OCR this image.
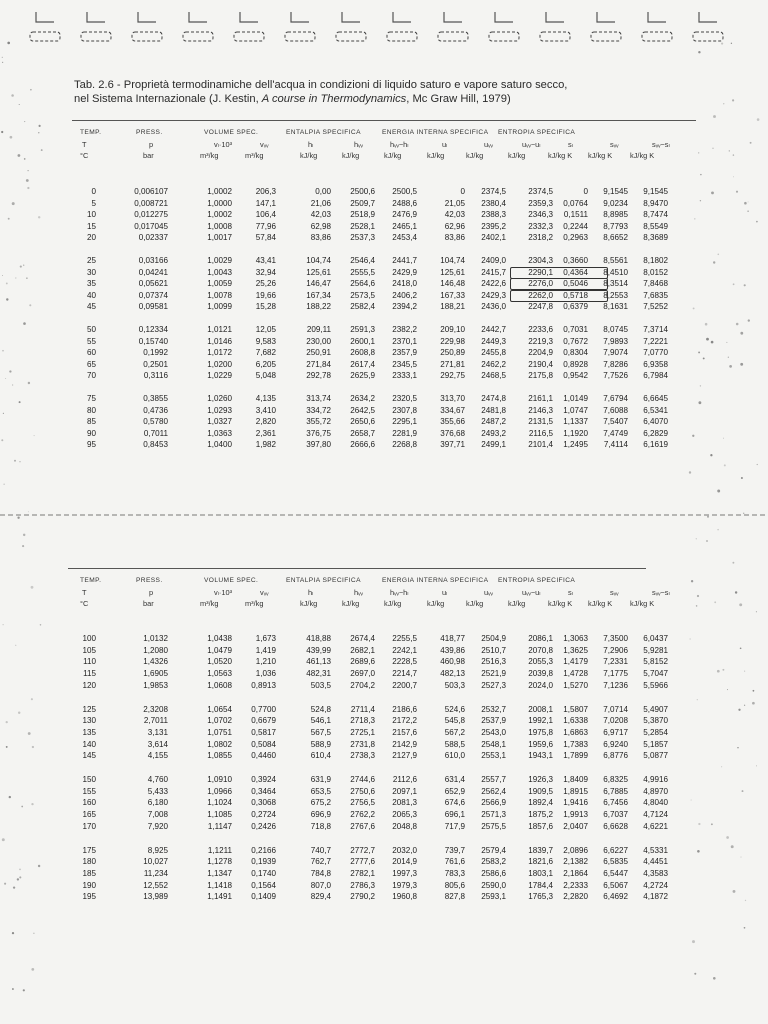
Tab. 2.6 - Proprietà termodinamiche dell'acqua in condizioni di liquido saturo e vapore saturo secco,
nel Sistema Internazionale (J. Kestin, A course in Thermodynamics, Mc Graw Hill, 1979)
TEMP.	PRESS.	VOLUME SPEC.	ENTALPIA SPECIFICA	ENERGIA INTERNA SPECIFICA ENTROPIA SPECIFICA
T	p	vₗ·10³	vᵥᵥ	hₗ	hᵥᵥ	hᵥᵥ−hₗ	uₗ	uᵥᵥ	uᵥᵥ−uₗ	sₗ	sᵥᵥ	sᵥᵥ−sₗ
°C	bar	m³/kg	m³/kg	kJ/kg	kJ/kg	kJ/kg	kJ/kg	kJ/kg	kJ/kg	kJ/kg K kJ/kg K kJ/kg K
0	0,006107	1,0002	206,3	0,00	2500,6	2500,5	0	2374,5	2374,5	0	9,1545	9,1545
5	0,008721	1,0000	147,1	21,06	2509,7	2488,6	21,05	2380,4	2359,3	0,0764	9,0234	8,9470
10	0,012275	1,0002	106,4	42,03	2518,9	2476,9	42,03	2388,3	2346,3	0,1511	8,8985	8,7474
15	0,017045	1,0008	77,96	62,98	2528,1	2465,1	62,96	2395,2	2332,3	0,2244	8,7793	8,5549
20	0,02337	1,0017	57,84	83,86	2537,3	2453,4	83,86	2402,1	2318,2	0,2963	8,6652	8,3689
25	0,03166	1,0029	43,41	104,74	2546,4	2441,7	104,74	2409,0	2304,3	0,3660	8,5561	8,1802
30	0,04241	1,0043	32,94	125,61	2555,5	2429,9	125,61	2415,7	2290,1	0,4364	8,4510	8,0152
35	0,05621	1,0059	25,26	146,47	2564,6	2418,0	146,48	2422,6	2276,0	0,5046	8,3514	7,8468
40	0,07374	1,0078	19,66	167,34	2573,5	2406,2	167,33	2429,3	2262,0	0,5718	8,2553	7,6835
45	0,09581	1,0099	15,28	188,22	2582,4	2394,2	188,21	2436,0	2247,8	0,6379	8,1631	7,5252
50	0,12334	1,0121	12,05	209,11	2591,3	2382,2	209,10	2442,7	2233,6	0,7031	8,0745	7,3714
55	0,15740	1,0146	9,583	230,00	2600,1	2370,1	229,98	2449,3	2219,3	0,7672	7,9893	7,2221
60	0,1992	1,0172	7,682	250,91	2608,8	2357,9	250,89	2455,8	2204,9	0,8304	7,9074	7,0770
65	0,2501	1,0200	6,205	271,84	2617,4	2345,5	271,81	2462,2	2190,4	0,8928	7,8286	6,9358
70	0,3116	1,0229	5,048	292,78	2625,9	2333,1	292,75	2468,5	2175,8	0,9542	7,7526	6,7984
75	0,3855	1,0260	4,135	313,74	2634,2	2320,5	313,70	2474,8	2161,1	1,0149	7,6794	6,6645
80	0,4736	1,0293	3,410	334,72	2642,5	2307,8	334,67	2481,8	2146,3	1,0747	7,6088	6,5341
85	0,5780	1,0327	2,820	355,72	2650,6	2295,1	355,66	2487,2	2131,5	1,1337	7,5407	6,4070
90	0,7011	1,0363	2,361	376,75	2658,7	2281,9	376,68	2493,2	2116,5	1,1920	7,4749	6,2829
95	0,8453	1,0400	1,982	397,80	2666,6	2268,8	397,71	2499,1	2101,4	1,2495	7,4114	6,1619
TEMP.	PRESS.	VOLUME SPEC.	ENTALPIA SPECIFICA	ENERGIA INTERNA SPECIFICA ENTROPIA SPECIFICA
T	p	vₗ·10³	vᵥᵥ	hₗ	hᵥᵥ	hᵥᵥ−hₗ	uₗ	uᵥᵥ	uᵥᵥ−uₗ	sₗ	sᵥᵥ	sᵥᵥ−sₗ
°C	bar	m³/kg	m³/kg	kJ/kg	kJ/kg	kJ/kg	kJ/kg	kJ/kg	kJ/kg	kJ/kg K kJ/kg K kJ/kg K
100	1,0132	1,0438	1,673	418,88	2674,4	2255,5	418,77	2504,9	2086,1	1,3063	7,3500	6,0437
105	1,2080	1,0479	1,419	439,99	2682,1	2242,1	439,86	2510,7	2070,8	1,3625	7,2906	5,9281
110	1,4326	1,0520	1,210	461,13	2689,6	2228,5	460,98	2516,3	2055,3	1,4179	7,2331	5,8152
115	1,6905	1,0563	1,036	482,31	2697,0	2214,7	482,13	2521,9	2039,8	1,4728	7,1775	5,7047
120	1,9853	1,0608	0,8913	503,5	2704,2	2200,7	503,3	2527,3	2024,0	1,5270	7,1236	5,5966
125	2,3208	1,0654	0,7700	524,8	2711,4	2186,6	524,6	2532,7	2008,1	1,5807	7,0714	5,4907
130	2,7011	1,0702	0,6679	546,1	2718,3	2172,2	545,8	2537,9	1992,1	1,6338	7,0208	5,3870
135	3,131	1,0751	0,5817	567,5	2725,1	2157,6	567,2	2543,0	1975,8	1,6863	6,9717	5,2854
140	3,614	1,0802	0,5084	588,9	2731,8	2142,9	588,5	2548,1	1959,6	1,7383	6,9240	5,1857
145	4,155	1,0855	0,4460	610,4	2738,3	2127,9	610,0	2553,1	1943,1	1,7899	6,8776	5,0877
150	4,760	1,0910	0,3924	631,9	2744,6	2112,6	631,4	2557,7	1926,3	1,8409	6,8325	4,9916
155	5,433	1,0966	0,3464	653,5	2750,6	2097,1	652,9	2562,4	1909,5	1,8915	6,7885	4,8970
160	6,180	1,1024	0,3068	675,2	2756,5	2081,3	674,6	2566,9	1892,4	1,9416	6,7456	4,8040
165	7,008	1,1085	0,2724	696,9	2762,2	2065,3	696,1	2571,3	1875,2	1,9913	6,7037	4,7124
170	7,920	1,1147	0,2426	718,8	2767,6	2048,8	717,9	2575,5	1857,6	2,0407	6,6628	4,6221
175	8,925	1,1211	0,2166	740,7	2772,7	2032,0	739,7	2579,4	1839,7	2,0896	6,6227	4,5331
180	10,027	1,1278	0,1939	762,7	2777,6	2014,9	761,6	2583,2	1821,6	2,1382	6,5835	4,4451
185	11,234	1,1347	0,1740	784,8	2782,1	1997,3	783,3	2586,6	1803,1	2,1864	6,5447	4,3583
190	12,552	1,1418	0,1564	807,0	2786,3	1979,3	805,6	2590,0	1784,4	2,2333	6,5067	4,2724
195	13,989	1,1491	0,1409	829,4	2790,2	1960,8	827,8	2593,1	1765,3	2,2820	6,4692	4,1872
